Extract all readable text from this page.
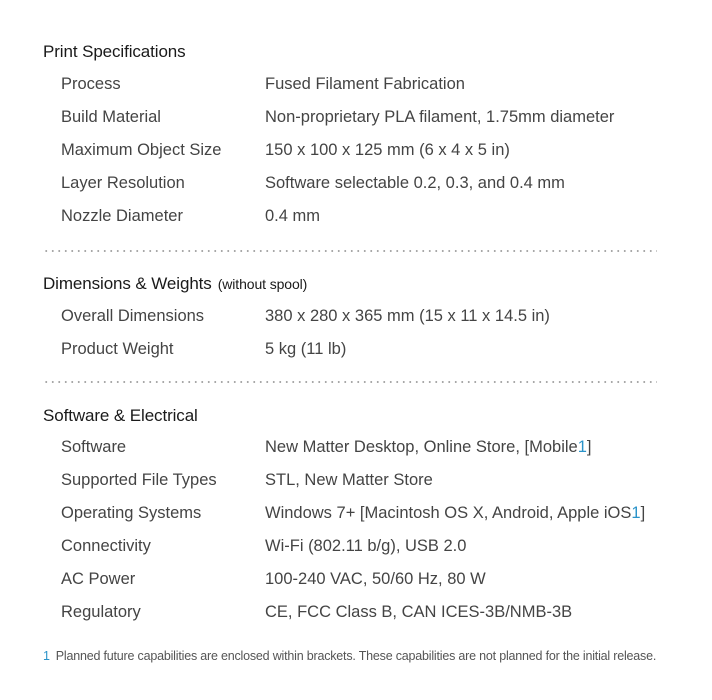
Print Specifications
Process	Fused Filament Fabrication
Build Material	Non-proprietary PLA filament, 1.75mm diameter
Maximum Object Size	150 x 100 x 125 mm (6 x 4 x 5 in)
Layer Resolution	Software selectable 0.2, 0.3, and 0.4 mm
Nozzle Diameter	0.4 mm
Dimensions & Weights (without spool)
Overall Dimensions	380 x 280 x 365 mm (15 x 11 x 14.5 in)
Product Weight	5 kg (11 lb)
Software & Electrical
Software	New Matter Desktop, Online Store, [Mobile1]
Supported File Types	STL, New Matter Store
Operating Systems	Windows 7+ [Macintosh OS X, Android, Apple iOS1]
Connectivity	Wi-Fi (802.11 b/g), USB 2.0
AC Power	100-240 VAC, 50/60 Hz, 80 W
Regulatory	CE, FCC Class B, CAN ICES-3B/NMB-3B
1 Planned future capabilities are enclosed within brackets. These capabilities are not planned for the initial release.
